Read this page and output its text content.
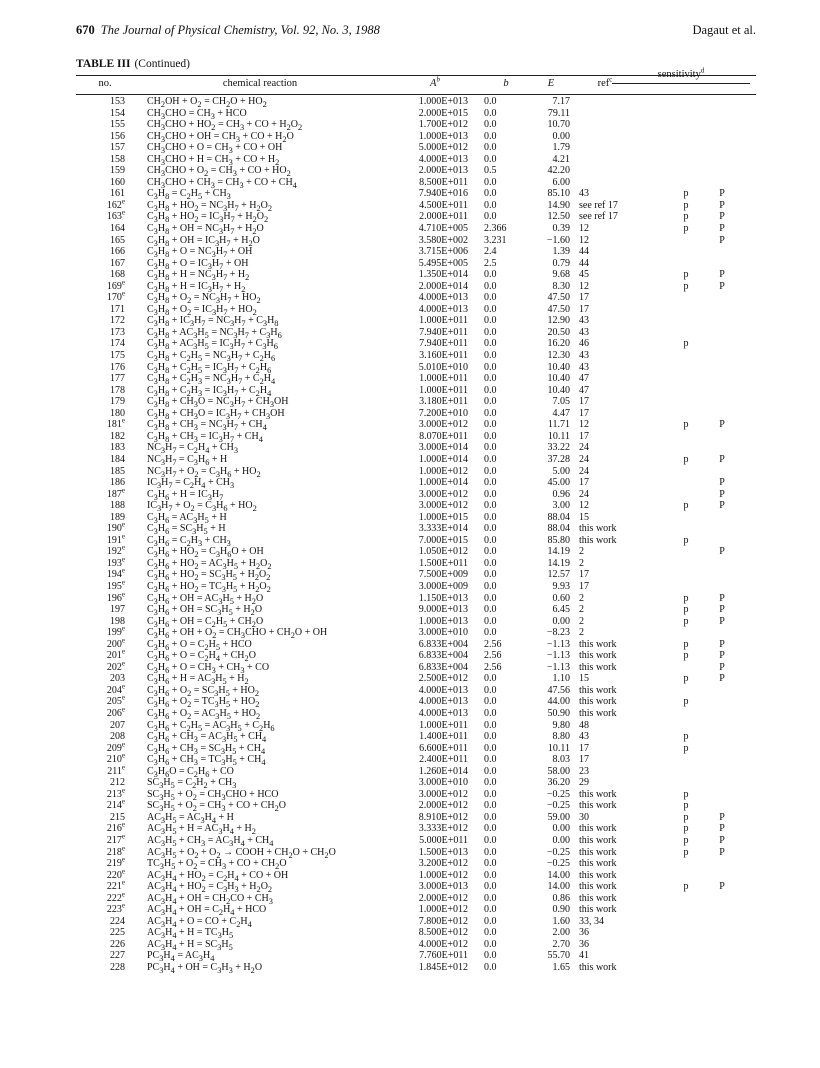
670 The Journal of Physical Chemistry, Vol. 92, No. 3, 1988	Dagaut et al.
TABLE III (Continued)
no.	chemical reaction	$A^b$	b	E	ref$^c$	sensitivity$^d$
153 $CH_2OH + O_2 = CH_2O + HO_2$	1.000E+013 0.0	7.17
154 $CH_3CHO = CH_3$ + HCO	2.000E+015 0.0	79.11
155 $CH_3CHO + HO_2 = CH_3$ + CO + $H_2O_2$	1.700E+012 0.0	10.70
156 $CH_3CHO$ + OH = $CH_3$ + CO + $H_2O$	1.000E+013 0.0	0.00
157 $CH_3CHO + O = CH_3$ + CO + OH	5.000E+012 0.0	1.79
158 $CH_3CHO + H = CH_3$ + CO + $H_2$	4.000E+013 0.0	4.21
159 $CH_3CHO + O_2 = CH_3$ + CO + $HO_2$	2.000E+013 0.5	42.20
160 $CH_3CHO + CH_3 = CH_3$ + CO + $CH_4$	8.500E+011 0.0	6.00
161 $C_3H_8 = C_2H_5 + CH_3$	7.940E+016 0.0	85.10 43	p	P
162e $C_3H_8 + HO_2 = NC_3H_7 + H_2O_2$	4.500E+011 0.0	14.90 see ref 17	p	P
163e $C_3H_8 + HO_2 = IC_3H_7 + H_2O_2$	2.000E+011 0.0	12.50 see ref 17	p	P
164 $C_3H_8$ + OH = $NC_3H_7 + H_2O$	4.710E+005 2.366	0.39 12	p	P
165 $C_3H_8$ + OH = $IC_3H_7 + H_2O$	3.580E+002 3.231	−1.60 12	P
166 $C_3H_8 + O = NC_3H_7$ + OH	3.715E+006 2.4	1.39 44
167 $C_3H_8 + O = IC_3H_7$ + OH	5.495E+005 2.5	0.79 44
168 $C_3H_8 + H = NC_3H_7 + H_2$	1.350E+014 0.0	9.68 45	p	P
169e $C_3H_8 + H = IC_3H_7 + H_2$	2.000E+014 0.0	8.30 12	p	P
170e $C_3H_8 + O_2 = NC_3H_7 + HO_2$	4.000E+013 0.0	47.50 17
171 $C_3H_8 + O_2 = IC_3H_7 + HO_2$	4.000E+013 0.0	47.50 17
172 $C_3H_8 + IC_3H_7 = NC_3H_7 + C_3H_8$	1.000E+011 0.0	12.90 43
173 $C_3H_8 + AC_3H_5 = NC_3H_7 + C_3H_6$	7.940E+011 0.0	20.50 43
174 $C_3H_8 + AC_3H_5 = IC_3H_7 + C_3H_6$	7.940E+011 0.0	16.20 46	p
175 $C_3H_8 + C_2H_5 = NC_3H_7 + C_2H_6$	3.160E+011 0.0	12.30 43
176 $C_3H_8 + C_2H_5 = IC_3H_7 + C_2H_6$	5.010E+010 0.0	10.40 43
177 $C_3H_8 + C_2H_3 = NC_3H_7 + C_2H_4$	1.000E+011 0.0	10.40 47
178 $C_3H_8 + C_2H_3 = IC_3H_7 + C_2H_4$	1.000E+011 0.0	10.40 47
179 $C_3H_8 + CH_3O = NC_3H_7 + CH_3OH$	3.180E+011 0.0	7.05 17
180 $C_3H_8 + CH_3O = IC_3H_7 + CH_3OH$	7.200E+010 0.0	4.47 17
181e $C_3H_8 + CH_3 = NC_3H_7 + CH_4$	3.000E+012 0.0	11.71 12	p	P
182 $C_3H_8 + CH_3 = IC_3H_7 + CH_4$	8.070E+011 0.0	10.11 17
183 $NC_3H_7 = C_2H_4 + CH_3$	3.000E+014 0.0	33.22 24
184 $NC_3H_7 = C_3H_6 + H$	1.000E+014 0.0	37.28 24	p	P
185 $NC_3H_7 + O_2 = C_3H_6 + HO_2$	1.000E+012 0.0	5.00 24
186 $IC_3H_7 = C_2H_4 + CH_3$	1.000E+014 0.0	45.00 17	P
187e $C_3H_6 + H = IC_3H_7$	3.000E+012 0.0	0.96 24	P
188 $IC_3H_7 + O_2 = C_3H_6 + HO_2$	3.000E+012 0.0	3.00 12	p	P
189 $C_3H_6 = AC_3H_5 + H$	1.000E+015 0.0	88.04 15
190e $C_3H_6 = SC_3H_5 + H$	3.333E+014 0.0	88.04 this work
191e $C_3H_6 = C_2H_3 + CH_3$	7.000E+015 0.0	85.80 this work	p
192e $C_3H_6 + HO_2 = C_3H_6O$ + OH	1.050E+012 0.0	14.19 2	P
193e $C_3H_6 + HO_2 = AC_3H_5 + H_2O_2$	1.500E+011 0.0	14.19 2
194e $C_3H_6 + HO_2 = SC_3H_5 + H_2O_2$	7.500E+009 0.0	12.57 17
195e $C_3H_6 + HO_2 = TC_3H_5 + H_2O_2$	3.000E+009 0.0	9.93 17
196e $C_3H_6$ + OH = $AC_3H_5 + H_2O$	1.150E+013 0.0	0.60 2	p	P
197 $C_3H_6$ + OH = $SC_3H_5 + H_2O$	9.000E+013 0.0	6.45 2	p	P
198 $C_3H_6$ + OH = $C_2H_5 + CH_2O$	1.000E+013 0.0	0.00 2	p	P
199e $C_3H_6$ + OH + $O_2 = CH_3CHO + CH_2O$ + OH	3.000E+010 0.0	−8.23 2
200e $C_3H_6 + O = C_2H_5$ + HCO	6.833E+004 2.56	−1.13 this work	p	P
201e $C_3H_6 + O = C_2H_4 + CH_2O$	6.833E+004 2.56	−1.13 this work	p	P
202e $C_3H_6 + O = CH_3 + CH_3$ + CO	6.833E+004 2.56	−1.13 this work	P
203 $C_3H_6 + H = AC_3H_5 + H_2$	2.500E+012 0.0	1.10 15	p	P
204e $C_3H_6 + O_2 = SC_3H_5 + HO_2$	4.000E+013 0.0	47.56 this work
205e $C_3H_6 + O_2 = TC_3H_5 + HO_2$	4.000E+013 0.0	44.00 this work	p
206e $C_3H_6 + O_2 = AC_3H_5 + HO_2$	4.000E+013 0.0	50.90 this work
207 $C_3H_6 + C_2H_5 = AC_3H_5 + C_2H_6$	1.000E+011 0.0	9.80 48
208 $C_3H_6 + CH_3 = AC_3H_5 + CH_4$	1.400E+011 0.0	8.80 43	p
209e $C_3H_6 + CH_3 = SC_3H_5 + CH_4$	6.600E+011 0.0	10.11 17	p
210e $C_3H_6 + CH_3 = TC_3H_5 + CH_4$	2.400E+011 0.0	8.03 17
211e $C_3H_6O = C_2H_6$ + CO	1.260E+014 0.0	58.00 23
212 $SC_3H_5 = C_2H_2 + CH_3$	3.000E+010 0.0	36.20 29
213e $SC_3H_5 + O_2 = CH_3CHO$ + HCO	3.000E+012 0.0	−0.25 this work	p
214e $SC_3H_5 + O_2 = CH_3$ + CO + $CH_2O$	2.000E+012 0.0	−0.25 this work	p
215 $AC_3H_5 = AC_3H_4 + H$	8.910E+012 0.0	59.00 30	p	P
216e $AC_3H_5 + H = AC_3H_4 + H_2$	3.333E+012 0.0	0.00 this work	p	P
217e $AC_3H_5 + CH_3 = AC_3H_4 + CH_4$	5.000E+011 0.0	0.00 this work	p	P
218e $AC_3H_5 + O_2 + O_2$ → COOH + $CH_2O + CH_2O$	1.500E+013 0.0	−0.25 this work	p	P
219e $TC_3H_5 + O_2 = CH_3$ + CO + $CH_2O$	3.200E+012 0.0	−0.25 this work
220e $AC_3H_4 + HO_2 = C_2H_4$ + CO + OH	1.000E+012 0.0	14.00 this work
221e $AC_3H_4 + HO_2 = C_3H_3 + H_2O_2$	3.000E+013 0.0	14.00 this work	p	P
222e $AC_3H_4$ + OH = $CH_2CO + CH_3$	2.000E+012 0.0	0.86 this work
223e $AC_3H_4$ + OH = $C_2H_4$ + HCO	1.000E+012 0.0	0.90 this work
224 $AC_3H_4 + O$ = CO + $C_2H_4$	7.800E+012 0.0	1.60 33, 34
225 $AC_3H_4 + H = TC_3H_5$	8.500E+012 0.0	2.00 36
226 $AC_3H_4 + H = SC_3H_5$	4.000E+012 0.0	2.70 36
227 $PC_3H_4 = AC_3H_4$	7.760E+011 0.0	55.70 41
228 $PC_3H_4$ + OH = $C_3H_3 + H_2O$	1.845E+012 0.0	1.65 this work
